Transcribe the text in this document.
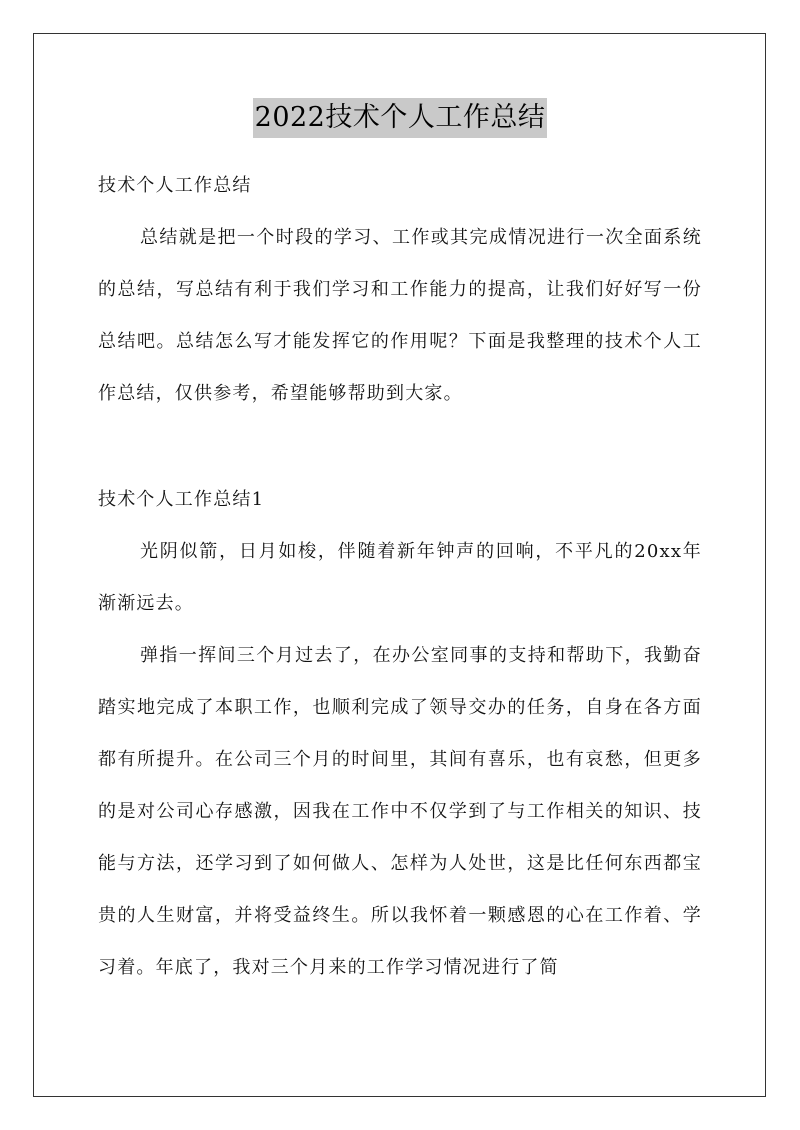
2022技术个人工作总结
技术个人工作总结
总结就是把一个时段的学习、工作或其完成情况进行一次全面系统的总结，写总结有利于我们学习和工作能力的提高，让我们好好写一份总结吧。总结怎么写才能发挥它的作用呢？下面是我整理的技术个人工作总结，仅供参考，希望能够帮助到大家。
技术个人工作总结1
光阴似箭，日月如梭，伴随着新年钟声的回响，不平凡的20xx年渐渐远去。
弹指一挥间三个月过去了，在办公室同事的支持和帮助下，我勤奋踏实地完成了本职工作，也顺利完成了领导交办的任务，自身在各方面都有所提升。在公司三个月的时间里，其间有喜乐，也有哀愁，但更多的是对公司心存感激，因我在工作中不仅学到了与工作相关的知识、技能与方法，还学习到了如何做人、怎样为人处世，这是比任何东西都宝贵的人生财富，并将受益终生。所以我怀着一颗感恩的心在工作着、学习着。年底了，我对三个月来的工作学习情况进行了简
